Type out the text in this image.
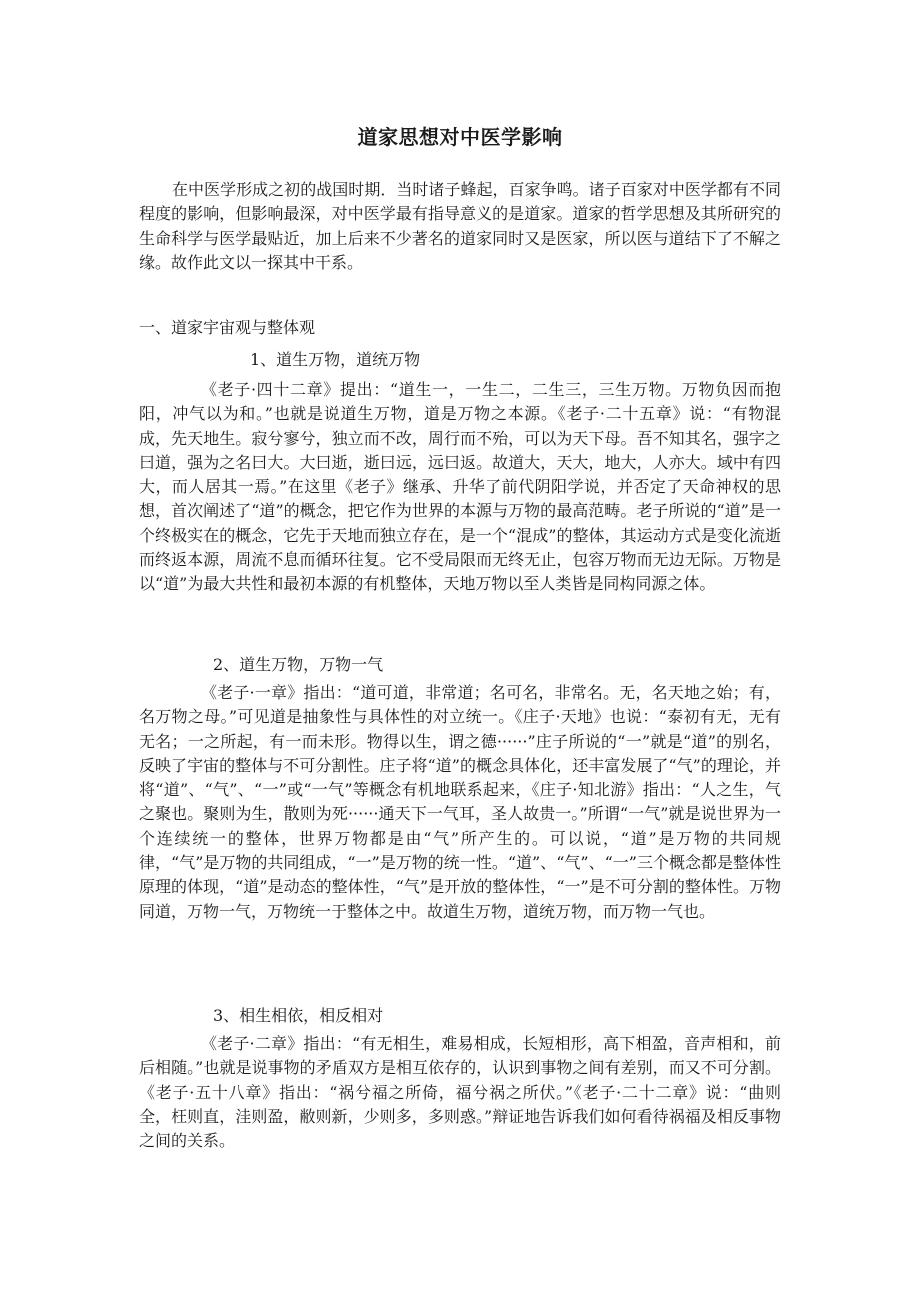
道家思想对中医学影响

在中医学形成之初的战国时期．当时诸子蜂起，百家争鸣。诸子百家对中医学都有不同程度的影响，但影响最深，对中医学最有指导意义的是道家。道家的哲学思想及其所研究的生命科学与医学最贴近，加上后来不少著名的道家同时又是医家，所以医与道结下了不解之缘。故作此文以一探其中干系。

一、道家宇宙观与整体观
1、道生万物，道统万物

《老子·四十二章》提出：“道生一，一生二，二生三，三生万物。万物负因而抱阳，冲气以为和。”也就是说道生万物，道是万物之本源。《老子·二十五章》说：“有物混成，先天地生。寂兮寥兮，独立而不改，周行而不殆，可以为天下母。吾不知其名，强字之曰道，强为之名曰大。大曰逝，逝曰远，远曰返。故道大，天大，地大，人亦大。域中有四大，而人居其一焉。”在这里《老子》继承、升华了前代阴阳学说，并否定了天命神权的思想，首次阐述了“道”的概念，把它作为世界的本源与万物的最高范畴。老子所说的“道”是一个终极实在的概念，它先于天地而独立存在，是一个“混成”的整体，其运动方式是变化流逝而终返本源，周流不息而循环往复。它不受局限而无终无止，包容万物而无边无际。万物是以“道”为最大共性和最初本源的有机整体，天地万物以至人类皆是同构同源之体。

2、道生万物，万物一气

《老子·一章》指出：“道可道，非常道；名可名，非常名。无，名天地之始；有，名万物之母。”可见道是抽象性与具体性的对立统一。《庄子·天地》也说：“泰初有无，无有无名；一之所起，有一而未形。物得以生，谓之德······”庄子所说的“一”就是“道”的别名，反映了宇宙的整体与不可分割性。庄子将“道”的概念具体化，还丰富发展了“气”的理论，并将“道”、“气”、“一”或“一气”等概念有机地联系起来，《庄子·知北游》指出：“人之生，气之聚也。聚则为生，散则为死······通天下一气耳，圣人故贵一。”所谓“一气”就是说世界为一个连续统一的整体，世界万物都是由“气”所产生的。可以说，“道”是万物的共同规律，“气”是万物的共同组成，“一”是万物的统一性。“道”、“气”、“一”三个概念都是整体性原理的体现，“道”是动态的整体性，“气”是开放的整体性，“一”是不可分割的整体性。万物同道，万物一气，万物统一于整体之中。故道生万物，道统万物，而万物一气也。

3、相生相依，相反相对

《老子·二章》指出：“有无相生，难易相成，长短相形，高下相盈，音声相和，前后相随。”也就是说事物的矛盾双方是相互依存的，认识到事物之间有差别，而又不可分割。《老子·五十八章》指出：“祸兮福之所倚，福兮祸之所伏。”《老子·二十二章》说：“曲则全，枉则直，洼则盈，敝则新，少则多，多则惑。”辩证地告诉我们如何看待祸福及相反事物之间的关系。
